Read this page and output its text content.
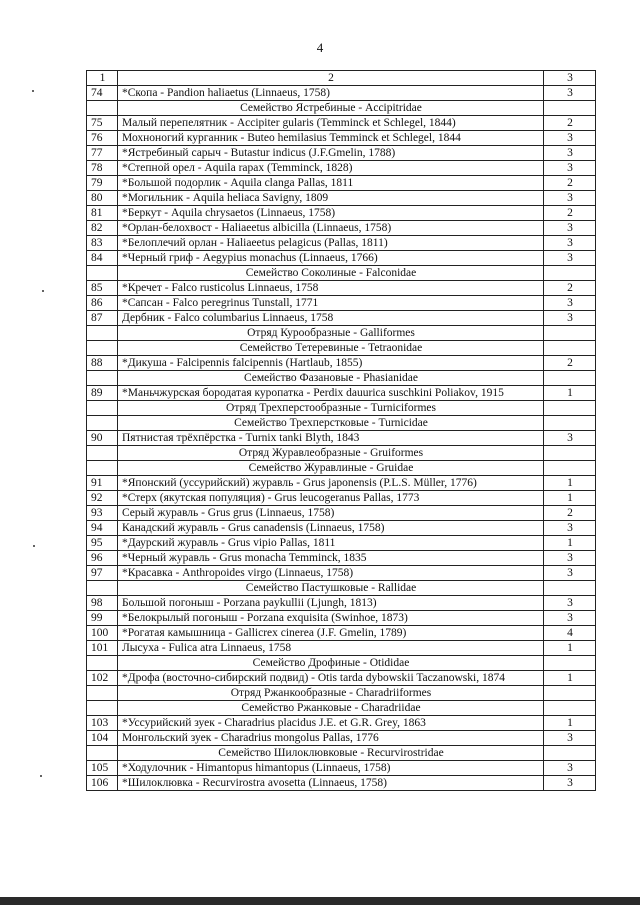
4
1	2	3
74	*Скопа - Pandion haliaetus (Linnaeus, 1758)	3
	Семейство Ястребиные - Accipitridae	
75	Малый перепелятник - Accipiter gularis (Temminck et Schlegel, 1844)	2
76	Мохноногий курганник - Buteo hemilasius Temminck et Schlegel, 1844	3
77	*Ястребиный сарыч - Butastur indicus (J.F.Gmelin, 1788)	3
78	*Степной орел - Aquila rapax (Temminck, 1828)	3
79	*Большой подорлик - Aquila clanga Pallas, 1811	2
80	*Могильник - Aquila heliaca Savigny, 1809	3
81	*Беркут - Aquila chrysaetos (Linnaeus, 1758)	2
82	*Орлан-белохвост - Haliaeetus albicilla (Linnaeus, 1758)	3
83	*Белоплечий орлан - Haliaeetus pelagicus (Pallas, 1811)	3
84	*Черный гриф - Aegypius monachus (Linnaeus, 1766)	3
	Семейство Соколиные - Falconidae	
85	*Кречет - Falco rusticolus Linnaeus, 1758	2
86	*Сапсан - Falco peregrinus Tunstall, 1771	3
87	Дербник - Falco columbarius Linnaeus, 1758	3
	Отряд Курообразные - Galliformes	
	Семейство Тетеревиные - Tetraonidae	
88	*Дикуша - Falcipennis falcipennis (Hartlaub, 1855)	2
	Семейство Фазановые - Phasianidae	
89	*Маньчжурская бородатая куропатка - Perdix dauurica suschkini Poliakov, 1915	1
	Отряд Трехперстообразные - Turniciformes	
	Семейство Трехперстковые - Turnicidae	
90	Пятнистая трёхпёрстка - Turnix tanki Blyth, 1843	3
	Отряд Журавлеобразные - Gruiformes	
	Семейство Журавлиные - Gruidae	
91	*Японский (уссурийский) журавль - Grus japonensis (P.L.S. Müller, 1776)	1
92	*Стерх (якутская популяция) - Grus leucogeranus Pallas, 1773	1
93	Серый журавль - Grus grus (Linnaeus, 1758)	2
94	Канадский журавль - Grus canadensis (Linnaeus, 1758)	3
95	*Даурский журавль - Grus vipio Pallas, 1811	1
96	*Черный журавль - Grus monacha Temminck, 1835	3
97	*Красавка - Anthropoides virgo (Linnaeus, 1758)	3
	Семейство Пастушковые - Rallidae	
98	Большой погоныш - Porzana paykullii (Ljungh, 1813)	3
99	*Белокрылый погоныш - Porzana exquisita (Swinhoe, 1873)	3
100	*Рогатая камышница - Gallicrex cinerea (J.F. Gmelin, 1789)	4
101	Лысуха - Fulica atra Linnaeus, 1758	1
	Семейство Дрофиные - Otididae	
102	*Дрофа (восточно-сибирский подвид) - Otis tarda dybowskii Taczanowski, 1874	1
	Отряд Ржанкообразные - Charadriiformes	
	Семейство Ржанковые - Charadriidae	
103	*Уссурийский зуек - Charadrius placidus J.E. et G.R. Grey, 1863	1
104	Монгольский зуек - Charadrius mongolus Pallas, 1776	3
	Семейство Шилоклювковые - Recurvirostridae	
105	*Ходулочник - Himantopus himantopus (Linnaeus, 1758)	3
106	*Шилоклювка - Recurvirostra avosetta (Linnaeus, 1758)	3
